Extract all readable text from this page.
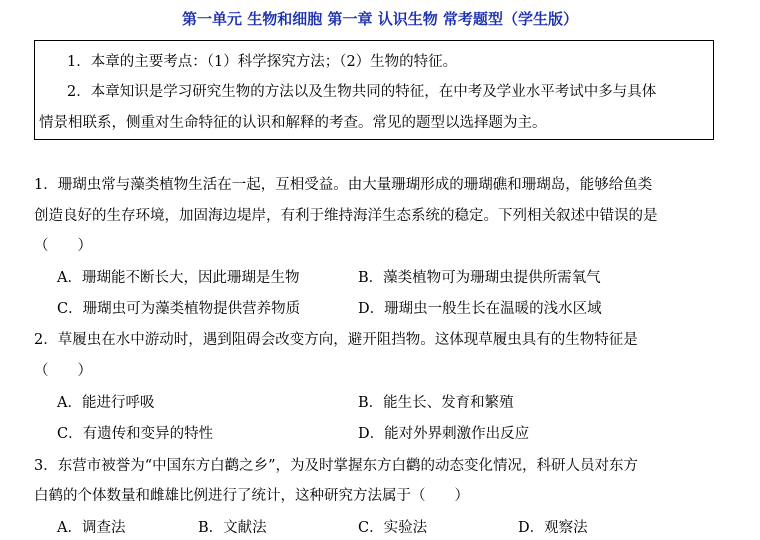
第一单元 生物和细胞 第一章 认识生物 常考题型（学生版）
1．本章的主要考点：（1）科学探究方法；（2）生物的特征。
2．本章知识是学习研究生物的方法以及生物共同的特征，在中考及学业水平考试中多与具体
情景相联系，侧重对生命特征的认识和解释的考查。常见的题型以选择题为主。
1．珊瑚虫常与藻类植物生活在一起，互相受益。由大量珊瑚形成的珊瑚礁和珊瑚岛，能够给鱼类
创造良好的生存环境，加固海边堤岸，有利于维持海洋生态系统的稳定。下列相关叙述中错误的是
（　　）
A．珊瑚能不断长大，因此珊瑚是生物	B．藻类植物可为珊瑚虫提供所需氧气
C．珊瑚虫可为藻类植物提供营养物质	D．珊瑚虫一般生长在温暖的浅水区域
2．草履虫在水中游动时，遇到阻碍会改变方向，避开阻挡物。这体现草履虫具有的生物特征是
（　　）
A．能进行呼吸	B．能生长、发育和繁殖
C．有遗传和变异的特性	D．能对外界刺激作出反应
3．东营市被誉为“中国东方白鹳之乡”，为及时掌握东方白鹳的动态变化情况，科研人员对东方
白鹤的个体数量和雌雄比例进行了统计，这种研究方法属于（　　）
A．调查法	B．文献法	C．实验法	D．观察法
